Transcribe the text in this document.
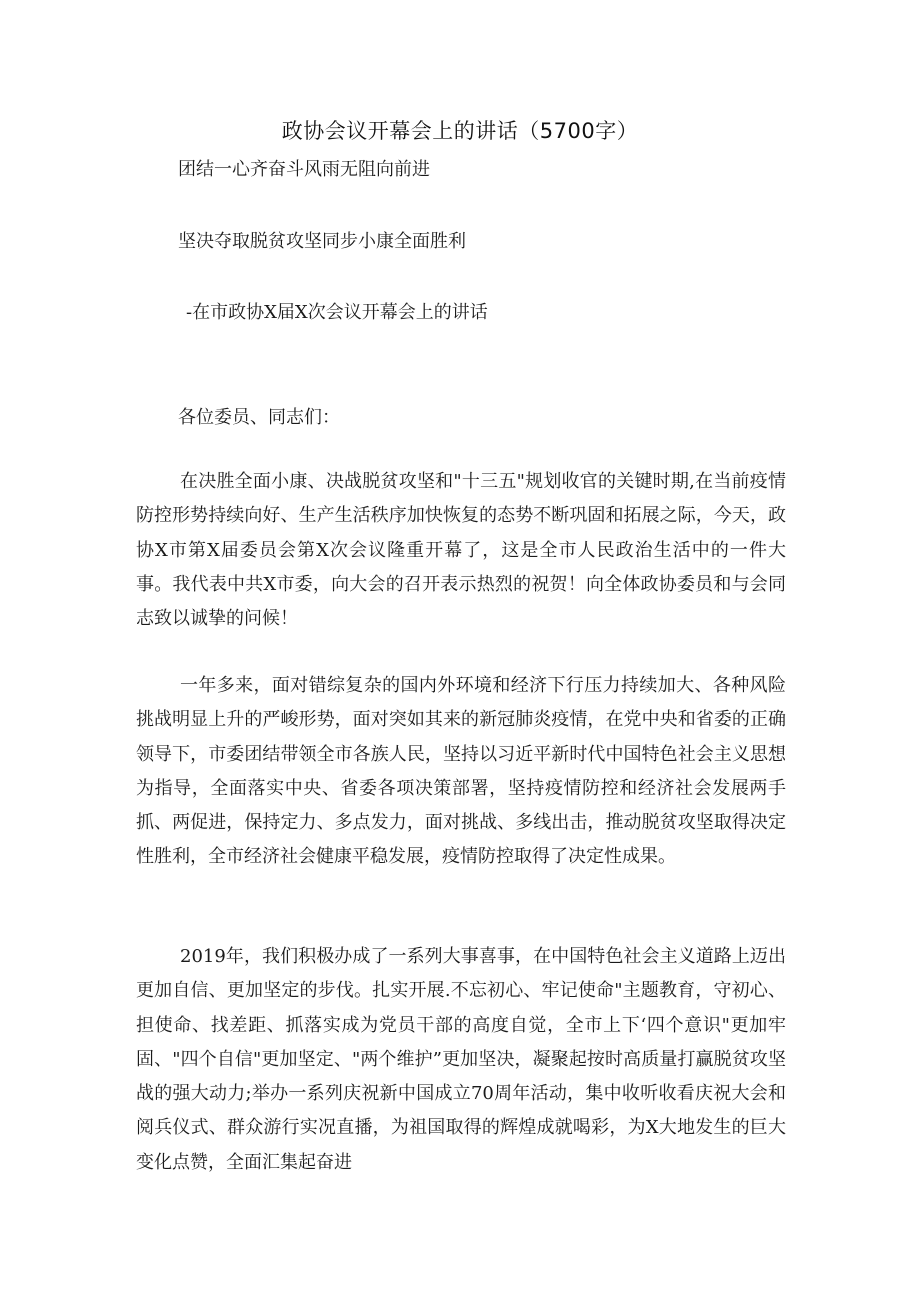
政协会议开幕会上的讲话（5700字）
团结一心齐奋斗风雨无阻向前进
坚决夺取脱贫攻坚同步小康全面胜利
-在市政协X届X次会议开幕会上的讲话
各位委员、同志们：

在决胜全面小康、决战脱贫攻坚和"十三五"规划收官的关键时期,在当前疫情防控形势持续向好、生产生活秩序加快恢复的态势不断巩固和拓展之际，今天，政协X市第X届委员会第X次会议隆重开幕了，这是全市人民政治生活中的一件大事。我代表中共X市委，向大会的召开表示热烈的祝贺！向全体政协委员和与会同志致以诚挚的问候！

一年多来，面对错综复杂的国内外环境和经济下行压力持续加大、各种风险挑战明显上升的严峻形势，面对突如其来的新冠肺炎疫情，在党中央和省委的正确领导下，市委团结带领全市各族人民，坚持以习近平新时代中国特色社会主义思想为指导，全面落实中央、省委各项决策部署，坚持疫情防控和经济社会发展两手抓、两促进，保持定力、多点发力，面对挑战、多线出击，推动脱贫攻坚取得决定性胜利，全市经济社会健康平稳发展，疫情防控取得了决定性成果。

2019年，我们积极办成了一系列大事喜事，在中国特色社会主义道路上迈出更加自信、更加坚定的步伐。扎实开展.不忘初心、牢记使命"主题教育，守初心、担使命、找差距、抓落实成为党员干部的高度自觉，全市上下‘四个意识"更加牢固、"四个自信"更加坚定、"两个维护”更加坚决，凝聚起按时高质量打赢脱贫攻坚战的强大动力;举办一系列庆祝新中国成立70周年活动，集中收听收看庆祝大会和阅兵仪式、群众游行实况直播，为祖国取得的辉煌成就喝彩，为X大地发生的巨大变化点赞，全面汇集起奋进
